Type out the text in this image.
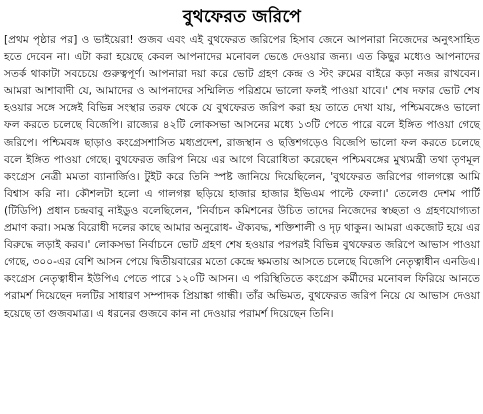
বুথফেরত জরিপে

[প্রথম পৃষ্ঠার পর] ও ভাইয়েরা! গুজব এবং এই বুথফেরত জরিপের হিসাব জেনে আপনারা নিজেদের অনুৎসাহিত হতে দেবেন না। এটা করা হয়েছে কেবল আপনাদের মনোবল ভেঙে দেওয়ার জন্য। এত কিছুর মধ্যেও আপনাদের সতর্ক থাকাটা সবচেয়ে গুরুত্বপূর্ণ। আপনারা দয়া করে ভোট গ্রহণ কেন্দ্র ও স্টং রুমের বাইরে কড়া নজর রাখবেন। আমরা আশাবাদী যে, আমাদের ও আপনাদের সম্মিলিত পরিশ্রমে ভালো ফলই পাওয়া যাবে।' শেষ দফার ভোট শেষ হওয়ার সঙ্গে সঙ্গেই বিভিন্ন সংস্থার তরফ থেকে যে বুথফেরত জরিপ করা হয় তাতে দেখা যায়, পশ্চিমবঙ্গেও ভালো ফল করতে চলেছে বিজেপি। রাজ্যের ৪২টি লোকসভা আসনের মধ্যে ১৩টি পেতে পারে বলে ইঙ্গিত পাওয়া গেছে জরিপে। পশ্চিমবঙ্গ ছাড়াও কংগ্রেসশাসিত মধ্যপ্রদেশ, রাজস্থান ও ছত্তিশগড়েও বিজেপি ভালো ফল করতে চলেছে বলে ইঙ্গিত পাওয়া গেছে। বুথফেরত জরিপ নিয়ে এর আগে বিরোধিতা করেছেন পশ্চিমবঙ্গের মুখ্যমন্ত্রী তথা তৃণমূল কংগ্রেস নেত্রী মমতা ব্যানার্জিও। টুইট করে তিনি স্পষ্ট জানিয়ে দিয়েছিলেন, 'বুথফেরত জরিপের গালগল্পে আমি বিশ্বাস করি না। কৌশলটা হলো এ গালগল্প ছড়িয়ে হাজার হাজার ইভিএম পাল্টে ফেলা।' তেলেগু দেশম পার্টি (টিডিপি) প্রধান চন্দ্রবাবু নাইডুও বলেছিলেন, 'নির্বাচন কমিশনের উচিত তাদের নিজেদের স্বচ্ছতা ও গ্রহণযোগ্যতা প্রমাণ করা। সমস্ত বিরোধী দলের কাছে আমার অনুরোধ- ঐক্যবদ্ধ, শক্তিশালী ও দৃঢ় থাকুন। আমরা একজোট হয়ে এর বিরুদ্ধে লড়াই করব।' লোকসভা নির্বাচনে ভোট গ্রহণ শেষ হওয়ার পরপরই বিভিন্ন বুথফেরত জরিপে আভাস পাওয়া গেছে, ৩০০-এর বেশি আসন পেয়ে দ্বিতীয়বারের মতো কেন্দ্রে ক্ষমতায় আসতে চলেছে বিজেপি নেতৃত্বাধীন এনডিএ। কংগ্রেস নেতৃত্বাধীন ইউপিএ পেতে পারে ১২০টি আসন। এ পরিস্থিতিতে কংগ্রেস কর্মীদের মনোবল ফিরিয়ে আনতে পরামর্শ দিয়েছেন দলটির সাধারণ সম্পাদক প্রিয়াঙ্কা গান্ধী। তাঁর অভিমত, বুথফেরত জরিপ নিয়ে যে আভাস দেওয়া হয়েছে তা গুজবমাত্র। এ ধরনের গুজবে কান না দেওয়ার পরামর্শ দিয়েছেন তিনি।
